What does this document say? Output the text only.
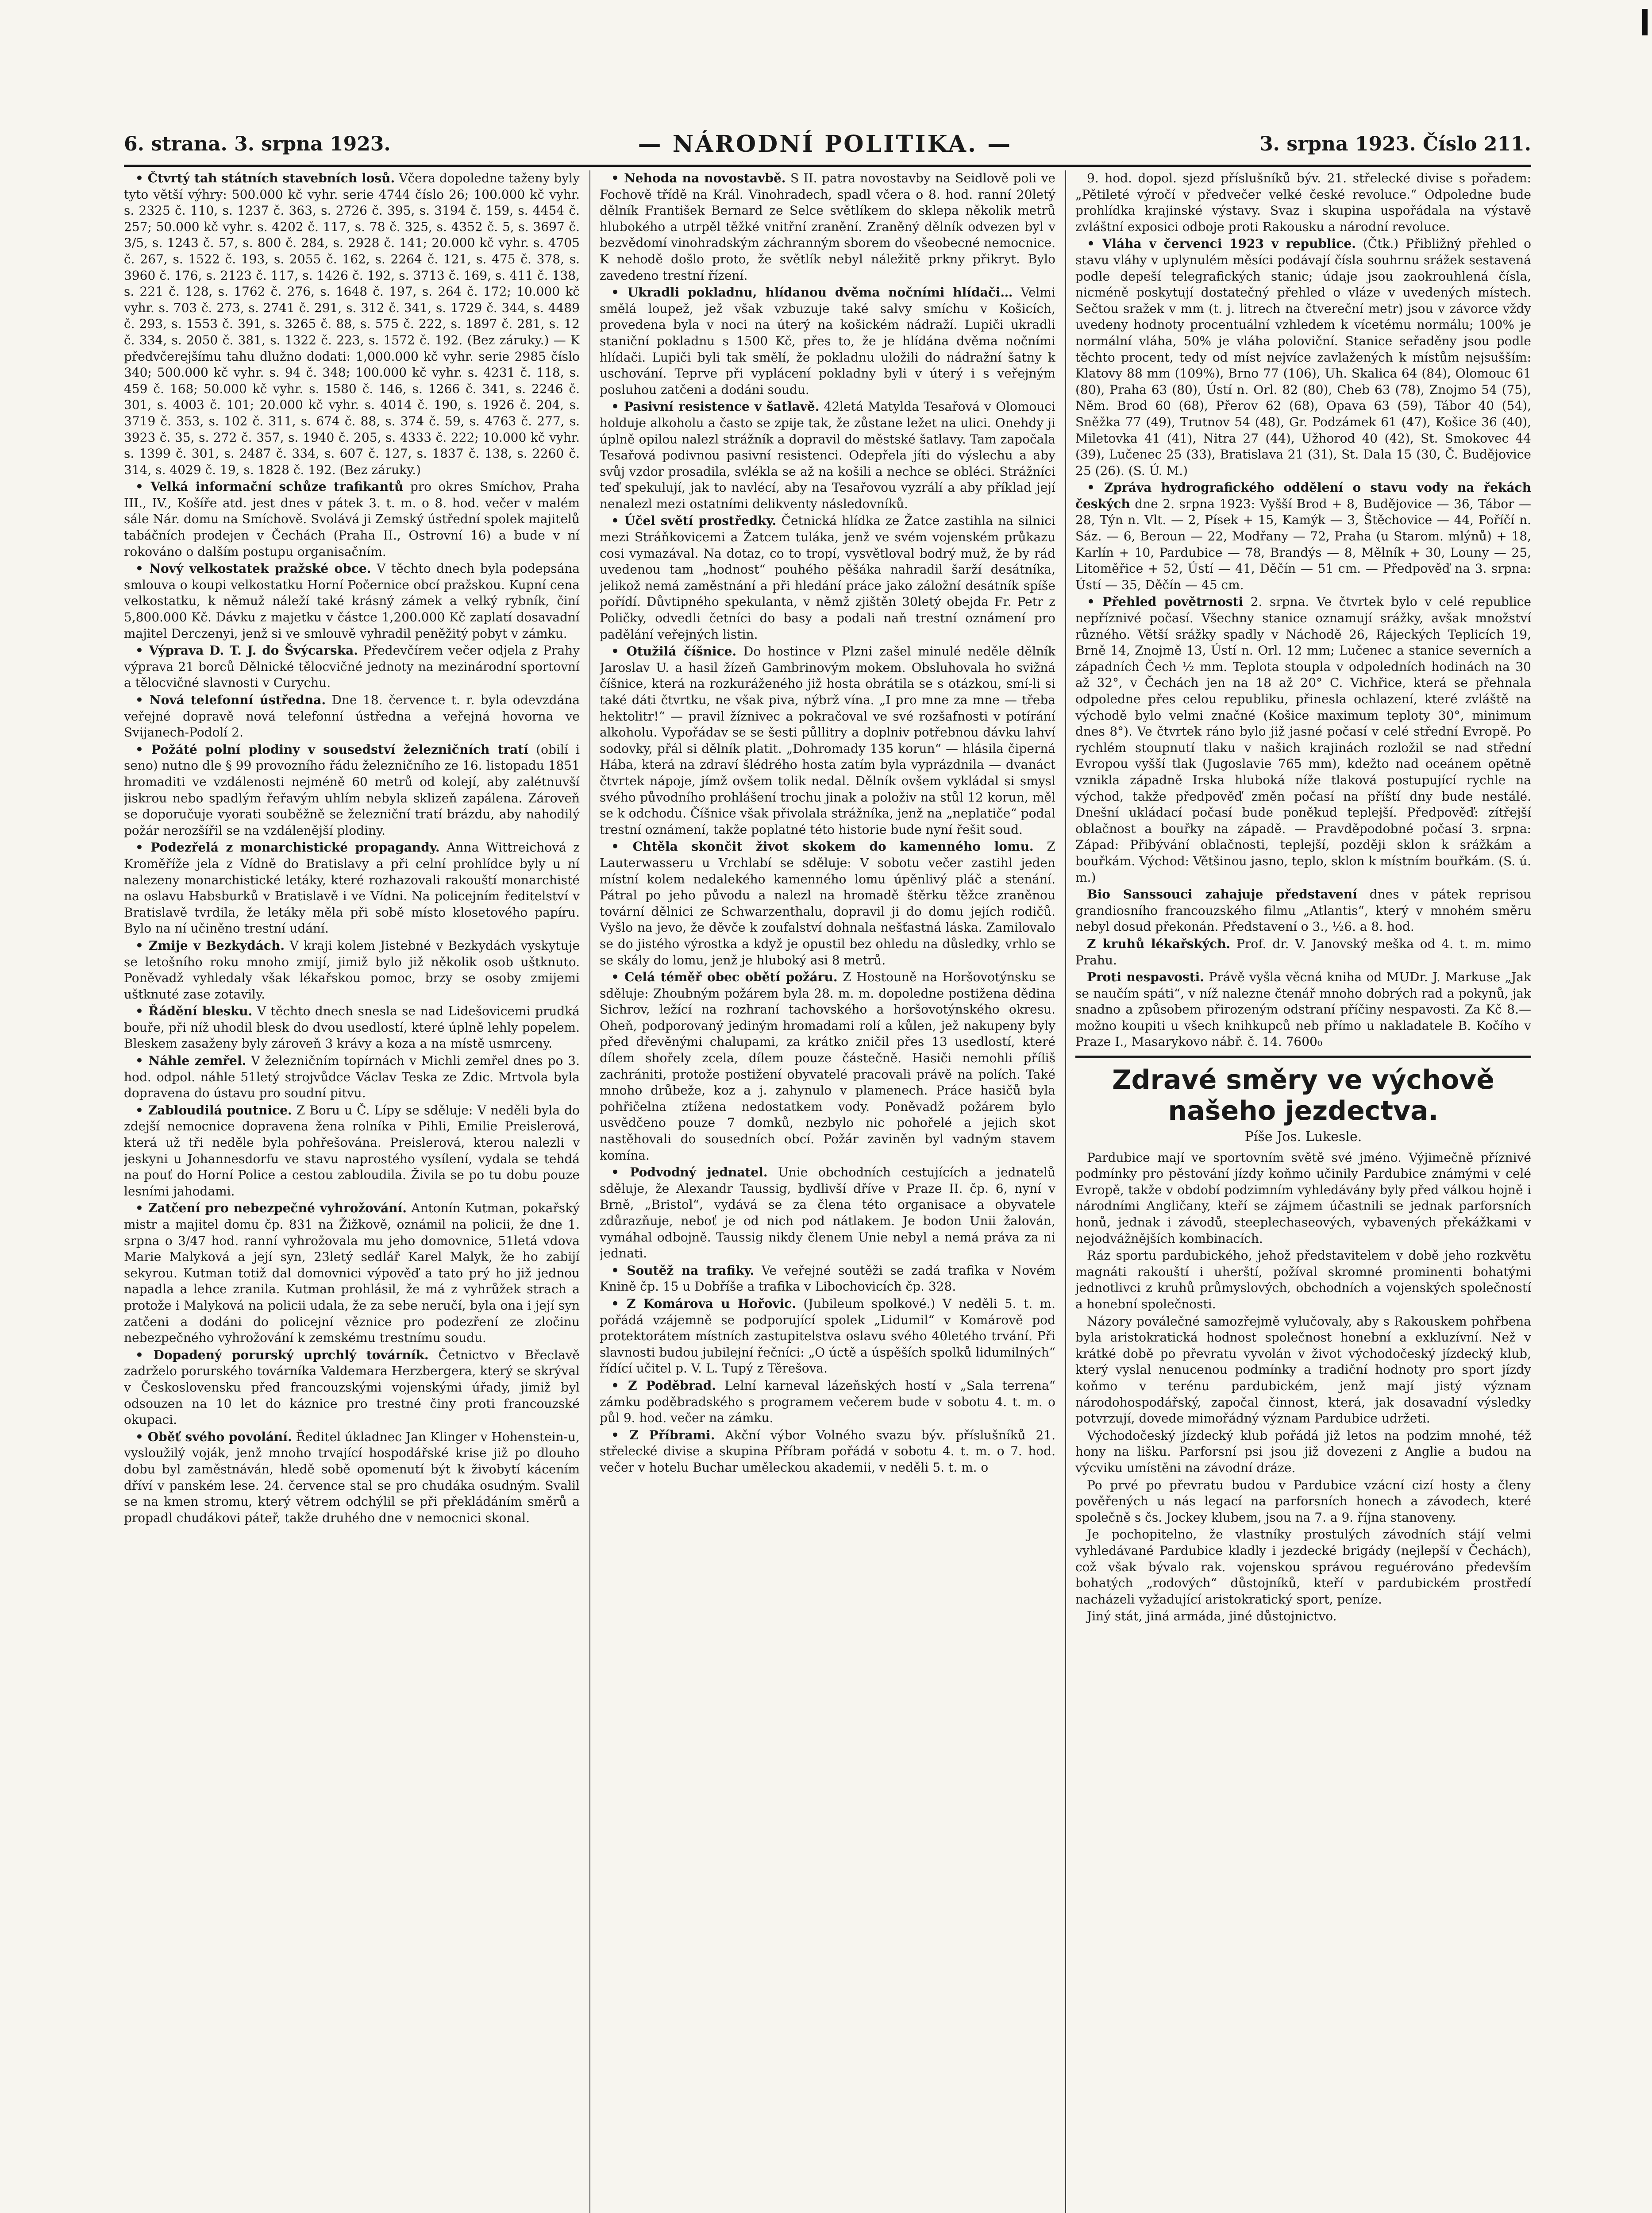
6. strana. 3. srpna 1923.	— NÁRODNÍ POLITIKA. —	3. srpna 1923. Číslo 211.

• Čtvrtý tah státních stavebních losů. Včera dopoledne taženy byly tyto větší výhry: 500.000 kč vyhr. serie 4744 číslo 26; 100.000 kč vyhr. s. 2325 č. 110, s. 1237 č. 363, s. 2726 č. 395, s. 3194 č. 159, s. 4454 č. 257; 50.000 kč vyhr. s. 4202 č. 117, s. 78 č. 325, s. 4352 č. 5, s. 3697 č. 3/5, s. 1243 č. 57, s. 800 č. 284, s. 2928 č. 141; 20.000 kč vyhr. s. 4705 č. 267, s. 1522 č. 193, s. 2055 č. 162, s. 2264 č. 121, s. 475 č. 378, s. 3960 č. 176, s. 2123 č. 117, s. 1426 č. 192, s. 3713 č. 169, s. 411 č. 138, s. 221 č. 128, s. 1762 č. 276, s. 1648 č. 197, s. 264 č. 172; 10.000 kč vyhr. s. 703 č. 273, s. 2741 č. 291, s. 312 č. 341, s. 1729 č. 344, s. 4489 č. 293, s. 1553 č. 391, s. 3265 č. 88, s. 575 č. 222, s. 1897 č. 281, s. 12 č. 334, s. 2050 č. 381, s. 1322 č. 223, s. 1572 č. 192. (Bez záruky.) — K předvčerejšímu tahu dlužno dodati: 1,000.000 kč vyhr. serie 2985 číslo 340; 500.000 kč vyhr. s. 94 č. 348; 100.000 kč vyhr. s. 4231 č. 118, s. 459 č. 168; 50.000 kč vyhr. s. 1580 č. 146, s. 1266 č. 341, s. 2246 č. 301, s. 4003 č. 101; 20.000 kč vyhr. s. 4014 č. 190, s. 1926 č. 204, s. 3719 č. 353, s. 102 č. 311, s. 674 č. 88, s. 374 č. 59, s. 4763 č. 277, s. 3923 č. 35, s. 272 č. 357, s. 1940 č. 205, s. 4333 č. 222; 10.000 kč vyhr. s. 1399 č. 301, s. 2487 č. 334, s. 607 č. 127, s. 1837 č. 138, s. 2260 č. 314, s. 4029 č. 19, s. 1828 č. 192. (Bez záruky.)

• Velká informační schůze trafikantů pro okres Smíchov, Praha III., IV., Košíře atd. jest dnes v pátek 3. t. m. o 8. hod. večer v malém sále Nár. domu na Smíchově. Svolává ji Zemský ústřední spolek majitelů tabáčních prodejen v Čechách (Praha II., Ostrovní 16) a bude v ní rokováno o dalším postupu organisačním.

• Nový velkostatek pražské obce. V těchto dnech byla podepsána smlouva o koupi velkostatku Horní Počernice obcí pražskou. Kupní cena velkostatku, k němuž náleží také krásný zámek a velký rybník, činí 5,800.000 Kč. Dávku z majetku v částce 1,200.000 Kč zaplatí dosavadní majitel Derczenyi, jenž si ve smlouvě vyhradil peněžitý pobyt v zámku.

• Výprava D. T. J. do Švýcarska. Předevčírem večer odjela z Prahy výprava 21 borců Dělnické tělocvičné jednoty na mezinárodní sportovní a tělocvičné slavnosti v Curychu.

• Nová telefonní ústředna. Dne 18. července t. r. byla odevzdána veřejné dopravě nová telefonní ústředna a veřejná hovorna ve Svijanech-Podolí 2.

• Požáté polní plodiny v sousedství železničních tratí (obilí i seno) nutno dle § 99 provozního řádu železničního ze 16. listopadu 1851 hromaditi ve vzdálenosti nejméně 60 metrů od kolejí, aby zalétnuvší jiskrou nebo spadlým řeřavým uhlím nebyla sklizeň zapálena. Zároveň se doporučuje vyorati souběžně se železniční tratí brázdu, aby nahodilý požár nerozšířil se na vzdálenější plodiny.

• Podezřelá z monarchistické propagandy. Anna Wittreichová z Kroměříže jela z Vídně do Bratislavy a při celní prohlídce byly u ní nalezeny monarchistické letáky, které rozhazovali rakouští monarchisté na oslavu Habsburků v Bratislavě i ve Vídni. Na policejním ředitelství v Bratislavě tvrdila, že letáky měla při sobě místo klosetového papíru. Bylo na ní učiněno trestní udání.

• Zmije v Bezkydách. V kraji kolem Jistebné v Bezkydách vyskytuje se letošního roku mnoho zmijí, jimiž bylo již několik osob uštknuto. Poněvadž vyhledaly však lékařskou pomoc, brzy se osoby zmijemi uštknuté zase zotavily.

• Řádění blesku. V těchto dnech snesla se nad Lidešovicemi prudká bouře, při níž uhodil blesk do dvou usedlostí, které úplně lehly popelem. Bleskem zasaženy byly zároveň 3 krávy a koza a na místě usmrceny.

• Náhle zemřel. V železničním topírnách v Michli zemřel dnes po 3. hod. odpol. náhle 51letý strojvůdce Václav Teska ze Zdic. Mrtvola byla dopravena do ústavu pro soudní pitvu.

• Zabloudilá poutnice. Z Boru u Č. Lípy se sděluje: V neděli byla do zdejší nemocnice dopravena žena rolníka v Pihli, Emilie Preislerová, která už tři neděle byla pohřešována. Preislerová, kterou nalezli v jeskyni u Johannesdorfu ve stavu naprostého vysílení, vydala se tehdá na pouť do Horní Police a cestou zabloudila. Živila se po tu dobu pouze lesními jahodami.

• Zatčení pro nebezpečné vyhrožování. Antonín Kutman, pokařský mistr a majitel domu čp. 831 na Žižkově, oznámil na policii, že dne 1. srpna o 3/47 hod. ranní vyhrožovala mu jeho domovnice, 51letá vdova Marie Malyková a její syn, 23letý sedlář Karel Malyk, že ho zabijí sekyrou. Kutman totiž dal domovnici výpověď a tato prý ho již jednou napadla a lehce zranila. Kutman prohlásil, že má z vyhrůžek strach a protože i Malyková na policii udala, že za sebe neručí, byla ona i její syn zatčeni a dodáni do policejní věznice pro podezření ze zločinu nebezpečného vyhrožování k zemskému trestnímu soudu.

• Dopadený porurský uprchlý továrník. Četnictvo v Břeclavě zadrželo porurského továrníka Valdemara Herzbergera, který se skrýval v Československu před francouzskými vojenskými úřady, jimiž byl odsouzen na 10 let do káznice pro trestné činy proti francouzské okupaci.

• Oběť svého povolání. Ředitel úkladnec Jan Klinger v Hohenstein-u, vysloužilý voják, jenž mnoho trvající hospodářské krise již po dlouho dobu byl zaměstnáván, hledě sobě opomenutí být k živobytí kácením dříví v panském lese. 24. července stal se pro chudáka osudným. Svalil se na kmen stromu, který větrem odchýlil se při překládáním směrů a propadl chudákovi páteř, takže druhého dne v nemocnici skonal.

• Nehoda na novostavbě. S II. patra novostavby na Seidlově poli ve Fochově třídě na Král. Vinohradech, spadl včera o 8. hod. ranní 20letý dělník František Bernard ze Selce světlíkem do sklepa několik metrů hlubokého a utrpěl těžké vnitřní zranění. Zraněný dělník odvezen byl v bezvědomí vinohradským záchranným sborem do všeobecné nemocnice. K nehodě došlo proto, že světlík nebyl náležitě prkny přikryt. Bylo zavedeno trestní řízení.

• Ukradli pokladnu, hlídanou dvěma nočními hlídači… Velmi smělá loupež, jež však vzbuzuje také salvy smíchu v Košicích, provedena byla v noci na úterý na košickém nádraží. Lupiči ukradli staniční pokladnu s 1500 Kč, přes to, že je hlídána dvěma nočními hlídači. Lupiči byli tak smělí, že pokladnu uložili do nádražní šatny k uschování. Teprve při vyplácení pokladny byli v úterý i s veřejným posluhou zatčeni a dodáni soudu.

• Pasivní resistence v šatlavě. 42letá Matylda Tesařová v Olomouci holduje alkoholu a často se zpije tak, že zůstane ležet na ulici. Onehdy ji úplně opilou nalezl strážník a dopravil do městské šatlavy. Tam započala Tesařová podivnou pasivní resistenci. Odepřela jíti do výslechu a aby svůj vzdor prosadila, svlékla se až na košili a nechce se obléci. Strážníci teď spekulují, jak to navlécí, aby na Tesařovou vyzrálí a aby příklad její nenalezl mezi ostatními delikventy následovníků.

• Účel světí prostředky. Četnická hlídka ze Žatce zastihla na silnici mezi Stráňkovicemi a Žatcem tuláka, jenž ve svém vojenském průkazu cosi vymazával. Na dotaz, co to tropí, vysvětloval bodrý muž, že by rád uvedenou tam „hodnost“ pouhého pěšáka nahradil šarží desátníka, jelikož nemá zaměstnání a při hledání práce jako záložní desátník spíše pořídí. Důvtipného spekulanta, v němž zjištěn 30letý obejda Fr. Petr z Poličky, odvedli četníci do basy a podali naň trestní oznámení pro padělání veřejných listin.

• Otužilá číšnice. Do hostince v Plzni zašel minulé neděle dělník Jaroslav U. a hasil žízeň Gambrinovým mokem. Obsluhovala ho svižná číšnice, která na rozkuráženého již hosta obrátila se s otázkou, smí-li si také dáti čtvrtku, ne však piva, nýbrž vína. „I pro mne za mne — třeba hektolitr!“ — pravil žíznivec a pokračoval ve své rozšafnosti v potírání alkoholu. Vypořádav se se šesti půllitry a doplniv potřebnou dávku lahví sodovky, přál si dělník platit. „Dohromady 135 korun“ — hlásila čiperná Hába, která na zdraví šlédrého hosta zatím byla vyprázdnila — dvanáct čtvrtek nápoje, jímž ovšem tolik nedal. Dělník ovšem vykládal si smysl svého původního prohlášení trochu jinak a položiv na stůl 12 korun, měl se k odchodu. Číšnice však přivolala strážníka, jenž na „neplatiče“ podal trestní oznámení, takže poplatné této historie bude nyní řešit soud.

• Chtěla skončit život skokem do kamenného lomu. Z Lauterwasseru u Vrchlabí se sděluje: V sobotu večer zastihl jeden místní kolem nedalekého kamenného lomu úpěnlivý pláč a stenání. Pátral po jeho původu a nalezl na hromadě štěrku těžce zraněnou tovární dělnici ze Schwarzenthalu, dopravil ji do domu jejích rodičů. Vyšlo na jevo, že děvče k zoufalství dohnala nešťastná láska. Zamilovalo se do jistého výrostka a když je opustil bez ohledu na důsledky, vrhlo se se skály do lomu, jenž je hluboký asi 8 metrů.

• Celá téměř obec obětí požáru. Z Hostouně na Horšovotýnsku se sděluje: Zhoubným požárem byla 28. m. m. dopoledne postižena dědina Sichrov, ležící na rozhraní tachovského a horšovotýnského okresu. Oheň, podporovaný jediným hromadami rolí a kůlen, jež nakupeny byly před dřevěnými chalupami, za krátko zničil přes 13 usedlostí, které dílem shořely zcela, dílem pouze částečně. Hasiči nemohli příliš zachrániti, protože postižení obyvatelé pracovali právě na polích. Také mnoho drůbeže, koz a j. zahynulo v plamenech. Práce hasičů byla pohřičelna ztížena nedostatkem vody. Poněvadž požárem bylo usvědčeno pouze 7 domků, nezbylo nic pohořelé a jejich skot nastěhovali do sousedních obcí. Požár zaviněn byl vadným stavem komína.

• Podvodný jednatel. Unie obchodních cestujících a jednatelů sděluje, že Alexandr Taussig, bydlivší dříve v Praze II. čp. 6, nyní v Brně, „Bristol“, vydává se za člena této organisace a obyvatele zdůrazňuje, neboť je od nich pod nátlakem. Je bodon Unii žalován, vymáhal odbojně. Taussig nikdy členem Unie nebyl a nemá práva za ni jednati.

• Soutěž na trafiky. Ve veřejné soutěži se zadá trafika v Novém Knině čp. 15 u Dobříše a trafika v Libochovicích čp. 328.

• Z Komárova u Hořovic. (Jubileum spolkové.) V neděli 5. t. m. pořádá vzájemně se podporující spolek „Lidumil“ v Komárově pod protektorátem místních zastupitelstva oslavu svého 40letého trvání. Při slavnosti budou jubilejní řečníci: „O úctě a úspěších spolků lidumilných“ řídící učitel p. V. L. Tupý z Těrešova.

• Z Poděbrad. Lelní karneval lázeňských hostí v „Sala terrena“ zámku poděbradského s programem večerem bude v sobotu 4. t. m. o půl 9. hod. večer na zámku.

• Z Příbrami. Akční výbor Volného svazu býv. příslušníků 21. střelecké divise a skupina Příbram pořádá v sobotu 4. t. m. o 7. hod. večer v hotelu Buchar uměleckou akademii, v neděli 5. t. m. o

9. hod. dopol. sjezd příslušníků býv. 21. střelecké divise s pořadem: „Pětileté výročí v předvečer velké české revoluce.“ Odpoledne bude prohlídka krajinské výstavy. Svaz i skupina uspořádala na výstavě zvláštní exposici odboje proti Rakousku a národní revoluce.

• Vláha v červenci 1923 v republice. (Čtk.) Přibližný přehled o stavu vláhy v uplynulém měsíci podávají čísla souhrnu srážek sestavená podle depeší telegrafických stanic; údaje jsou zaokrouhlená čísla, nicméně poskytují dostatečný přehled o vláze v uvedených místech. Sečtou sražek v mm (t. j. litrech na čtvereční metr) jsou v závorce vždy uvedeny hodnoty procentuální vzhledem k vícetému normálu; 100% je normální vláha, 50% je vláha poloviční. Stanice seřaděny jsou podle těchto procent, tedy od míst nejvíce zavlažených k místům nejsušším: Klatovy 88 mm (109%), Brno 77 (106), Uh. Skalica 64 (84), Olomouc 61 (80), Praha 63 (80), Ústí n. Orl. 82 (80), Cheb 63 (78), Znojmo 54 (75), Něm. Brod 60 (68), Přerov 62 (68), Opava 63 (59), Tábor 40 (54), Sněžka 77 (49), Trutnov 54 (48), Gr. Podzámek 61 (47), Košice 36 (40), Miletovka 41 (41), Nitra 27 (44), Užhorod 40 (42), St. Smokovec 44 (39), Lučenec 25 (33), Bratislava 21 (31), St. Dala 15 (30, Č. Budějovice 25 (26). (S. Ú. M.)

• Zpráva hydrografického oddělení o stavu vody na řekách českých dne 2. srpna 1923: Vyšší Brod + 8, Budějovice — 36, Tábor — 28, Týn n. Vlt. — 2, Písek + 15, Kamýk — 3, Štěchovice — 44, Poříčí n. Sáz. — 6, Beroun — 22, Modřany — 72, Praha (u Starom. mlýnů) + 18, Karlín + 10, Pardubice — 78, Brandýs — 8, Mělník + 30, Louny — 25, Litoměřice + 52, Ústí — 41, Děčín — 51 cm. — Předpověď na 3. srpna: Ústí — 35, Děčín — 45 cm.

• Přehled povětrnosti 2. srpna. Ve čtvrtek bylo v celé republice nepříznivé počasí. Všechny stanice oznamují srážky, avšak množství různého. Větší srážky spadly v Náchodě 26, Rájeckých Teplicích 19, Brně 14, Znojmě 13, Ústí n. Orl. 12 mm; Lučenec a stanice severních a západních Čech ½ mm. Teplota stoupla v odpoledních hodinách na 30 až 32°, v Čechách jen na 18 až 20° C. Vichřice, která se přehnala odpoledne přes celou republiku, přinesla ochlazení, které zvláště na východě bylo velmi značné (Košice maximum teploty 30°, minimum dnes 8°). Ve čtvrtek ráno bylo již jasné počasí v celé střední Evropě. Po rychlém stoupnutí tlaku v našich krajinách rozložil se nad střední Evropou vyšší tlak (Jugoslavie 765 mm), kdežto nad oceánem opětně vznikla západně Irska hluboká níže tlaková postupující rychle na východ, takže předpověď změn počasí na příští dny bude nestálé. Dnešní ukládací počasí bude poněkud teplejší. Předpověď: zítřejší oblačnost a bouřky na západě. — Pravděpodobné počasí 3. srpna: Západ: Přibývání oblačnosti, teplejší, později sklon k srážkám a bouřkám. Východ: Většinou jasno, teplo, sklon k místním bouřkám. (S. ú. m.)

Bio Sanssouci zahajuje představení dnes v pátek reprisou grandiosního francouzského filmu „Atlantis“, který v mnohém směru nebyl dosud překonán. Představení o 3., ½6. a 8. hod.

Z kruhů lékařských. Prof. dr. V. Janovský meška od 4. t. m. mimo Prahu.

Proti nespavosti. Právě vyšla věcná kniha od MUDr. J. Markuse „Jak se naučím spáti“, v níž nalezne čtenář mnoho dobrých rad a pokynů, jak snadno a způsobem přirozeným odstraní příčiny nespavosti. Za Kč 8.— možno koupiti u všech knihkupců neb přímo u nakladatele B. Kočího v Praze I., Masarykovo nábř. č. 14. 7600₀

Zdravé směry ve výchově našeho jezdectva.
Píše Jos. Lukesle.

Pardubice mají ve sportovním světě své jméno. Výjimečně příznivé podmínky pro pěstování jízdy koňmo učinily Pardubice známými v celé Evropě, takže v období podzimním vyhledávány byly před válkou hojně i národními Angličany, kteří se zájmem účastnili se jednak parforsních honů, jednak i závodů, steeplechaseových, vybavených překážkami v nejodvážnějších kombinacích.

Ráz sportu pardubického, jehož představitelem v době jeho rozkvětu magnáti rakouští i uherští, požíval skromné prominenti bohatými jednotlivci z kruhů průmyslových, obchodních a vojenských společností a honební společnosti.

Názory poválečné samozřejmě vylučovaly, aby s Rakouskem pohřbena byla aristokratická hodnost společnost honební a exkluzívní. Než v krátké době po převratu vyvolán v život východočeský jízdecký klub, který vyslal nenucenou podmínky a tradiční hodnoty pro sport jízdy koňmo v terénu pardubickém, jenž mají jistý význam národohospodářský, započal činnost, která, jak dosavadní výsledky potvrzují, dovede mimořádný význam Pardubice udržeti.

Východočeský jízdecký klub pořádá již letos na podzim mnohé, též hony na lišku. Parforsní psi jsou již dovezeni z Anglie a budou na výcviku umístěni na závodní dráze.

Po prvé po převratu budou v Pardubice vzácní cizí hosty a členy pověřených u nás legací na parforsních honech a závodech, které společně s čs. Jockey klubem, jsou na 7. a 9. října stanoveny.

Je pochopitelno, že vlastníky prostulých závodních stájí velmi vyhledávané Pardubice kladly i jezdecké brigády (nejlepší v Čechách), což však bývalo rak. vojenskou správou reguérováno především bohatých „rodových“ důstojníků, kteří v pardubickém prostředí nacházeli vyžadující aristokratický sport, peníze.

Jiný stát, jiná armáda, jiné důstojnictvo.
